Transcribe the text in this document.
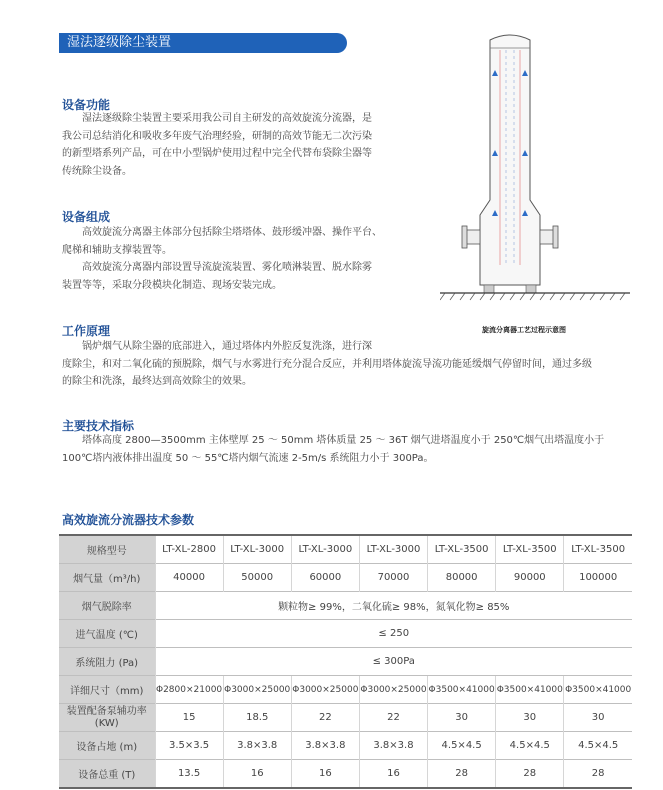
湿法逐级除尘装置
设备功能
　　湿法逐级除尘装置主要采用我公司自主研发的高效旋流分流器，是
我公司总结消化和吸收多年废气治理经验，研制的高效节能无二次污染
的新型塔系列产品，可在中小型锅炉使用过程中完全代替布袋除尘器等
传统除尘设备。
设备组成
　　高效旋流分离器主体部分包括除尘塔塔体、鼓形缓冲器、操作平台、
爬梯和辅助支撑装置等。
　　高效旋流分离器内部设置导流旋流装置、雾化喷淋装置、脱水除雾
装置等等，采取分段模块化制造、现场安装完成。
工作原理
　　锅炉烟气从除尘器的底部进入，通过塔体内外腔反复洗涤，进行深
度除尘，和对二氧化硫的预脱除，烟气与水雾进行充分混合反应，并利用塔体旋流导流功能延缓烟气停留时间，通过多级
的除尘和洗涤，最终达到高效除尘的效果。
主要技术指标
　　塔体高度 2800—3500mm 主体壁厚 25 ～ 50mm 塔体质量 25 ～ 36T 烟气进塔温度小于 250℃烟气出塔温度小于
100℃塔内液体排出温度 50 ～ 55℃塔内烟气流速 2-5m/s 系统阻力小于 300Pa。
旋流分离器工艺过程示意图
高效旋流分流器技术参数
规格型号	LT-XL-2800	LT-XL-3000	LT-XL-3000	LT-XL-3000	LT-XL-3500	LT-XL-3500	LT-XL-3500
烟气量（m³/h)	40000	50000	60000	70000	80000	90000	100000
烟气脱除率	颗粒物≥ 99%，二氧化硫≥ 98%，氮氧化物≥ 85%						
进气温度 (℃)	≤ 250						
系统阻力 (Pa)	≤ 300Pa						
详细尺寸（mm)	Φ2800×21000	Φ3000×25000	Φ3000×25000	Φ3000×25000	Φ3500×41000	Φ3500×41000	Φ3500×41000
装置配备泵辅功率
(KW)	15	18.5	22	22	30	30	30
设备占地 (m)	3.5×3.5	3.8×3.8	3.8×3.8	3.8×3.8	4.5×4.5	4.5×4.5	4.5×4.5
设备总重 (T)	13.5	16	16	16	28	28	28
